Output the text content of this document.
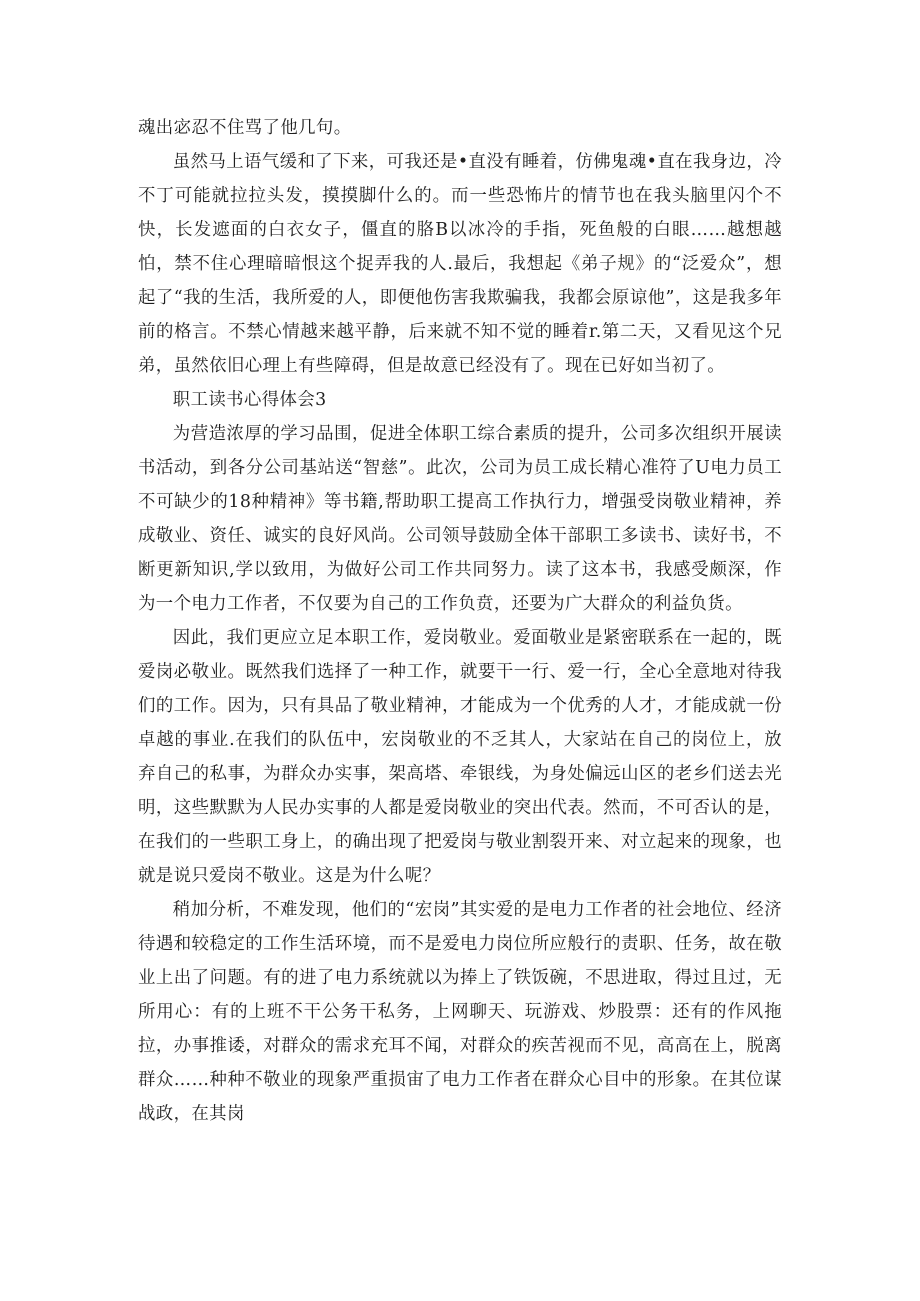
魂出宓忍不住骂了他几句。

虽然马上语气缓和了下来，可我还是•直没有睡着，仿佛鬼魂•直在我身边，冷不丁可能就拉拉头发，摸摸脚什么的。而一些恐怖片的情节也在我头脑里闪个不快，长发遮面的白衣女子，僵直的胳B以冰冷的手指，死鱼般的白眼……越想越怕，禁不住心理暗暗恨这个捉弄我的人.最后，我想起《弟子规》的“泛爱众”，想起了“我的生活，我所爱的人，即便他伤害我欺骗我，我都会原谅他”，这是我多年前的格言。不禁心情越来越平静，后来就不知不觉的睡着r.第二天，又看见这个兄弟，虽然依旧心理上有些障碍，但是故意已经没有了。现在已好如当初了。

职工读书心得体会3

为营造浓厚的学习品围，促进全体职工综合素质的提升，公司多次组织开展读书活动，到各分公司基站送“智慈”。此次，公司为员工成长精心准符了U电力员工不可缺少的18种精神》等书籍,帮助职工提高工作执行力，增强受岗敬业精神，养成敬业、资任、诚实的良好风尚。公司领导鼓励全体干部职工多读书、读好书，不断更新知识,学以致用，为做好公司工作共同努力。读了这本书，我感受颇深，作为一个电力工作者，不仅要为自己的工作负贲，还要为广大群众的利益负货。

因此，我们更应立足本职工作，爱岗敬业。爱面敬业是紧密联系在一起的，既爱岗必敬业。既然我们选择了一种工作，就要干一行、爱一行，全心全意地对待我们的工作。因为，只有具品了敬业精神，才能成为一个优秀的人才，才能成就一份卓越的事业.在我们的队伍中，宏岗敬业的不乏其人，大家站在自己的岗位上，放弃自己的私事，为群众办实事，架高塔、牵银线，为身处偏远山区的老乡们送去光明，这些默默为人民办实事的人都是爱岗敬业的突出代表。然而，不可否认的是，在我们的一些职工身上，的确出现了把爱岗与敬业割裂开来、对立起来的现象，也就是说只爱岗不敬业。这是为什么呢？

稍加分析，不难发现，他们的“宏岗”其实爱的是电力工作者的社会地位、经济待遇和较稳定的工作生活环境，而不是爱电力岗位所应般行的责职、任务，故在敬业上出了问题。有的进了电力系统就以为捧上了铁饭碗，不思进取，得过且过，无所用心：有的上班不干公务干私务，上网聊天、玩游戏、炒股票：还有的作风拖拉，办事推诿，对群众的需求充耳不闻，对群众的疾苦视而不见，高高在上，脱离群众……种种不敬业的现象严重损宙了电力工作者在群众心目中的形象。在其位谋战政，在其岗
